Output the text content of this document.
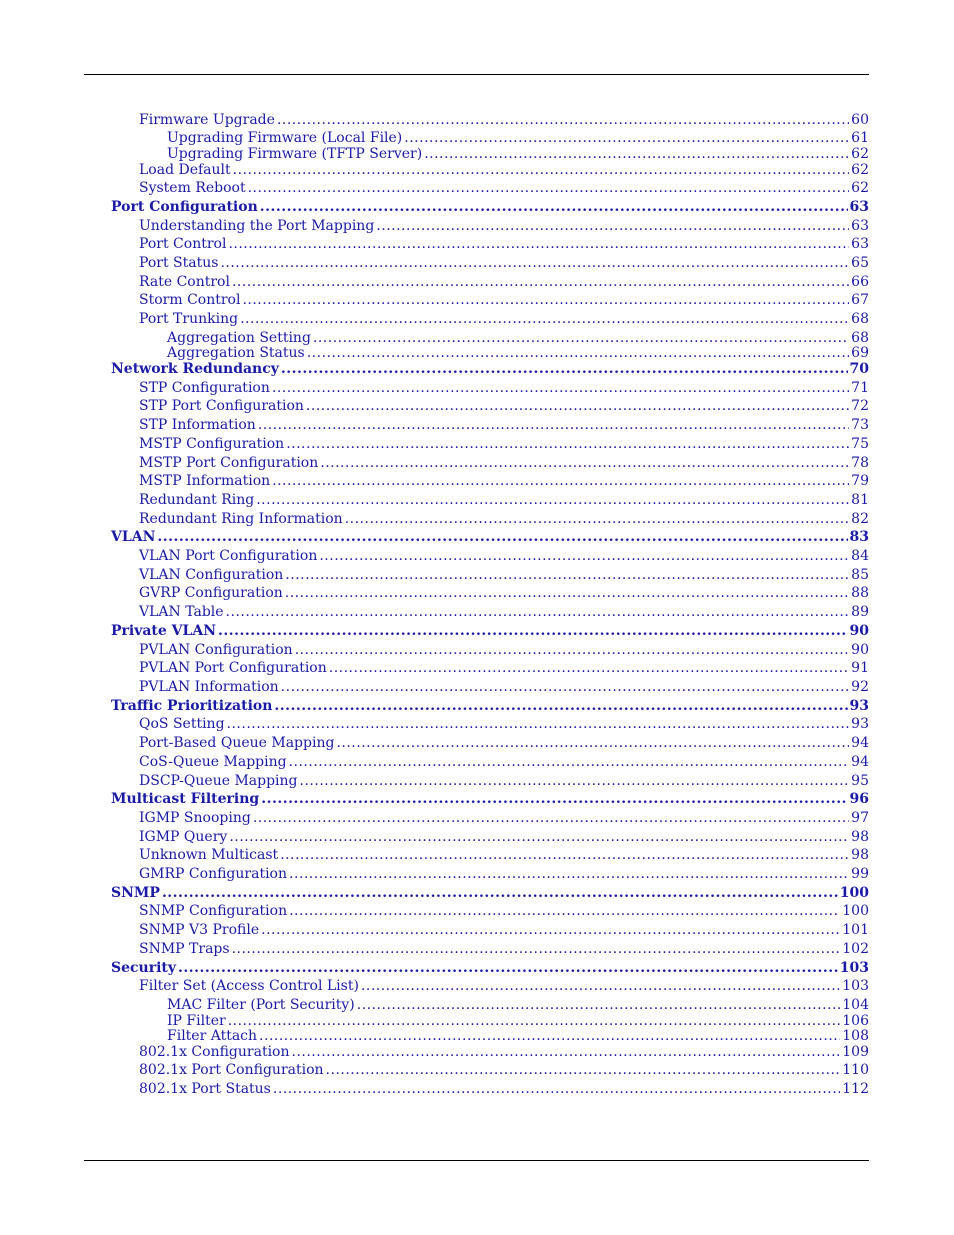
Firmware Upgrade .....	60
Upgrading Firmware (Local File) .....	61
Upgrading Firmware (TFTP Server) .....	62
Load Default .....	62
System Reboot .....	62
Port Configuration .....	63
Understanding the Port Mapping .....	63
Port Control .....	63
Port Status .....	65
Rate Control .....	66
Storm Control .....	67
Port Trunking .....	68
Aggregation Setting .....	68
Aggregation Status .....	69
Network Redundancy .....	70
STP Configuration .....	71
STP Port Configuration .....	72
STP Information .....	73
MSTP Configuration .....	75
MSTP Port Configuration .....	78
MSTP Information .....	79
Redundant Ring .....	81
Redundant Ring Information .....	82
VLAN .....	83
VLAN Port Configuration .....	84
VLAN Configuration .....	85
GVRP Configuration .....	88
VLAN Table .....	89
Private VLAN .....	90
PVLAN Configuration .....	90
PVLAN Port Configuration .....	91
PVLAN Information .....	92
Traffic Prioritization .....	93
QoS Setting .....	93
Port-Based Queue Mapping .....	94
CoS-Queue Mapping .....	94
DSCP-Queue Mapping .....	95
Multicast Filtering .....	96
IGMP Snooping .....	97
IGMP Query .....	98
Unknown Multicast .....	98
GMRP Configuration .....	99
SNMP .....	100
SNMP Configuration .....	100
SNMP V3 Profile .....	101
SNMP Traps .....	102
Security .....	103
Filter Set (Access Control List) .....	103
MAC Filter (Port Security) .....	104
IP Filter .....	106
Filter Attach .....	108
802.1x Configuration .....	109
802.1x Port Configuration .....	110
802.1x Port Status .....	112
